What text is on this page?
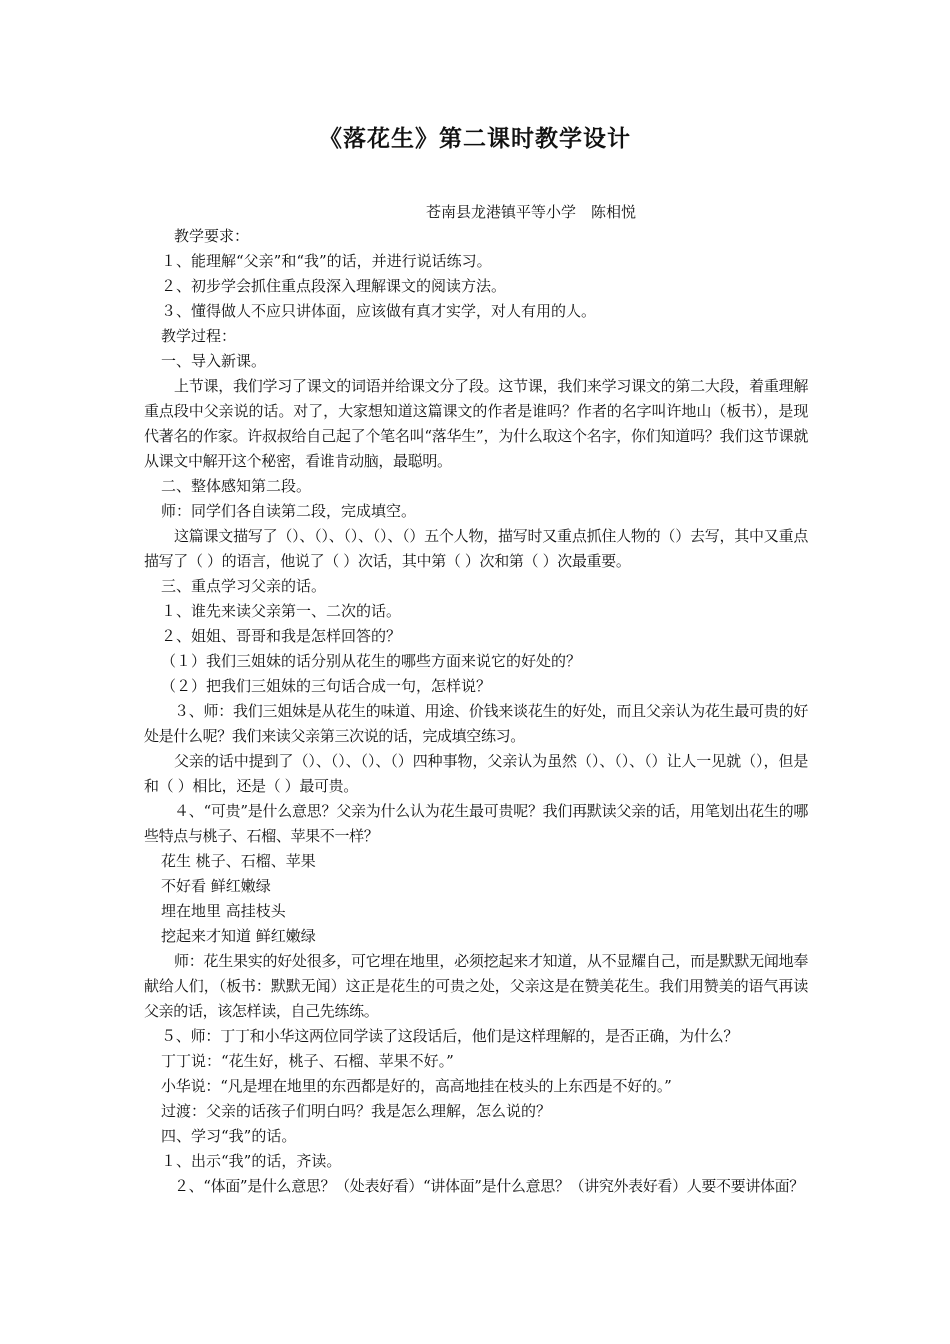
《落花生》第二课时教学设计
苍南县龙港镇平等小学　陈相悦

教学要求：

１、能理解“父亲”和“我”的话，并进行说话练习。

２、初步学会抓住重点段深入理解课文的阅读方法。

３、懂得做人不应只讲体面，应该做有真才实学，对人有用的人。

教学过程：

一、导入新课。

上节课，我们学习了课文的词语并给课文分了段。这节课，我们来学习课文的第二大段，着重理解重点段中父亲说的话。对了，大家想知道这篇课文的作者是谁吗？作者的名字叫许地山（板书），是现代著名的作家。许叔叔给自己起了个笔名叫“落华生”，为什么取这个名字，你们知道吗？我们这节课就从课文中解开这个秘密，看谁肯动脑，最聪明。

二、整体感知第二段。

师：同学们各自读第二段，完成填空。

这篇课文描写了（）、（）、（）、（）、（）五个人物，描写时又重点抓住人物的（）去写，其中又重点描写了（ ）的语言，他说了（ ）次话，其中第（ ）次和第（ ）次最重要。

三、重点学习父亲的话。

１、谁先来读父亲第一、二次的话。

２、姐姐、哥哥和我是怎样回答的？

（１）我们三姐妹的话分别从花生的哪些方面来说它的好处的？

（２）把我们三姐妹的三句话合成一句，怎样说？

３、师：我们三姐妹是从花生的味道、用途、价钱来谈花生的好处，而且父亲认为花生最可贵的好处是什么呢？我们来读父亲第三次说的话，完成填空练习。

父亲的话中提到了（）、（）、（）、（）四种事物，父亲认为虽然（）、（）、（）让人一见就（），但是和（ ）相比，还是（ ）最可贵。

４、“可贵”是什么意思？父亲为什么认为花生最可贵呢？我们再默读父亲的话，用笔划出花生的哪些特点与桃子、石榴、苹果不一样？

花生 桃子、石榴、苹果

不好看 鲜红嫩绿

埋在地里 高挂枝头

挖起来才知道 鲜红嫩绿

师：花生果实的好处很多，可它埋在地里，必须挖起来才知道，从不显耀自己，而是默默无闻地奉献给人们，（板书：默默无闻）这正是花生的可贵之处，父亲这是在赞美花生。我们用赞美的语气再读父亲的话，该怎样读，自己先练练。

５、师：丁丁和小华这两位同学读了这段话后，他们是这样理解的，是否正确，为什么？

丁丁说：“花生好，桃子、石榴、苹果不好。”

小华说：“凡是埋在地里的东西都是好的，高高地挂在枝头的上东西是不好的。”

过渡：父亲的话孩子们明白吗？我是怎么理解，怎么说的？

四、学习“我”的话。

１、出示“我”的话，齐读。

２、“体面”是什么意思？（处表好看）“讲体面”是什么意思？（讲究外表好看）人要不要讲体面？
